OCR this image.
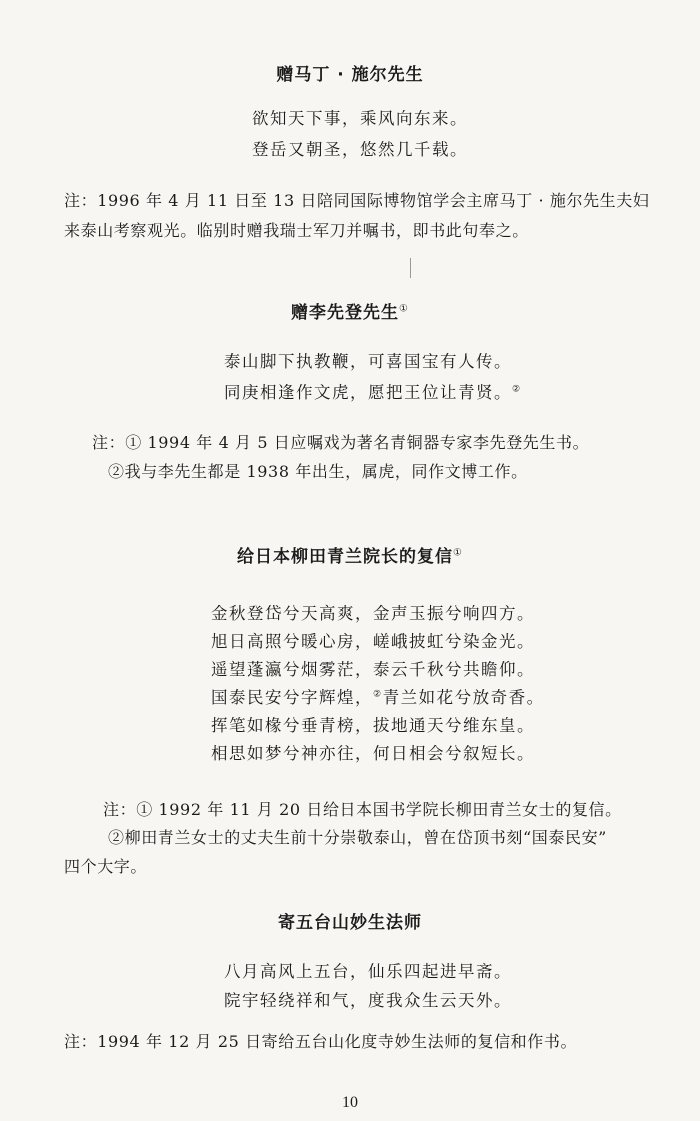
赠马丁 · 施尔先生
欲知天下事，乘风向东来。
登岳又朝圣，悠然几千载。
注：1996 年 4 月 11 日至 13 日陪同国际博物馆学会主席马丁 · 施尔先生夫妇
来泰山考察观光。临别时赠我瑞士军刀并嘱书，即书此句奉之。
赠李先登先生①
泰山脚下执教鞭，可喜国宝有人传。
同庚相逢作文虎，愿把王位让青贤。②
注：① 1994 年 4 月 5 日应嘱戏为著名青铜器专家李先登先生书。
②我与李先生都是 1938 年出生，属虎，同作文博工作。
给日本柳田青兰院长的复信①
金秋登岱兮天高爽，金声玉振兮响四方。
旭日高照兮暖心房，嵯峨披虹兮染金光。
遥望蓬瀛兮烟雾茫，泰云千秋兮共瞻仰。
国泰民安兮字辉煌，②青兰如花兮放奇香。
挥笔如椽兮垂青榜，拔地通天兮维东皇。
相思如梦兮神亦往，何日相会兮叙短长。
注：① 1992 年 11 月 20 日给日本国书学院长柳田青兰女士的复信。
②柳田青兰女士的丈夫生前十分崇敬泰山，曾在岱顶书刻“国泰民安”
四个大字。
寄五台山妙生法师
八月高风上五台，仙乐四起进早斋。
院宇轻绕祥和气，度我众生云天外。
注：1994 年 12 月 25 日寄给五台山化度寺妙生法师的复信和作书。
10
